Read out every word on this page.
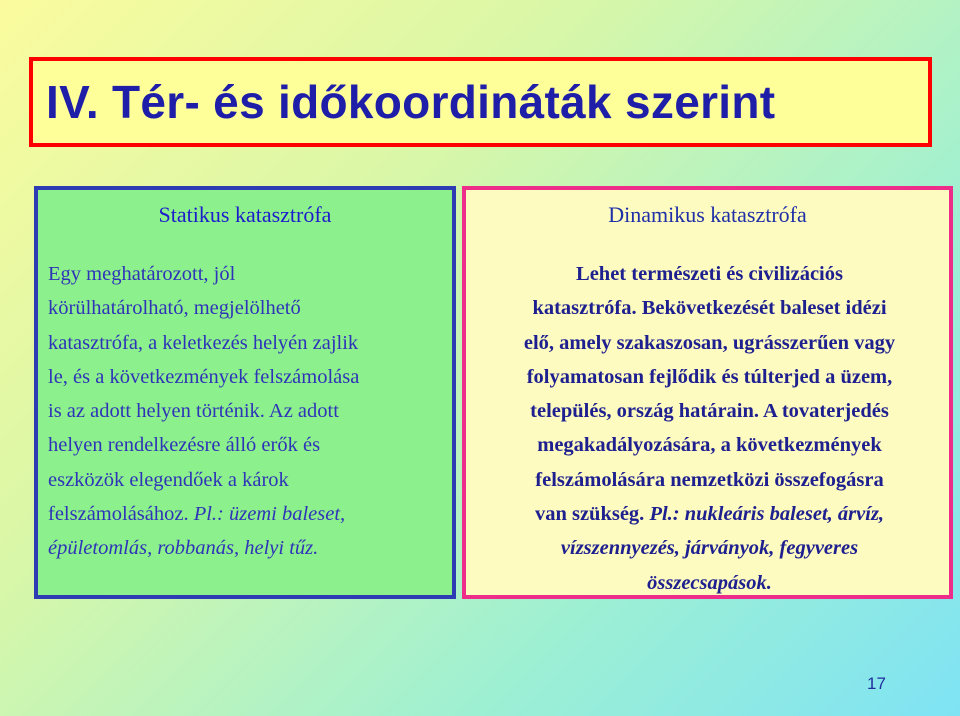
IV. Tér- és időkoordináták szerint
Statikus katasztrófa
Egy meghatározott, jól
körülhatárolható, megjelölhető
katasztrófa, a keletkezés helyén zajlik
le, és a következmények felszámolása
is az adott helyen történik. Az adott
helyen rendelkezésre álló erők és
eszközök elegendőek a károk
felszámolásához. Pl.: üzemi baleset,
épületomlás, robbanás, helyi tűz.
Dinamikus katasztrófa
Lehet természeti és civilizációs
katasztrófa. Bekövetkezését baleset idézi
elő, amely szakaszosan, ugrásszerűen vagy
folyamatosan fejlődik és túlterjed a üzem,
település, ország határain. A tovaterjedés
megakadályozására, a következmények
felszámolására nemzetközi összefogásra
van szükség. Pl.: nukleáris baleset, árvíz,
vízszennyezés, járványok, fegyveres
összecsapások.
17
